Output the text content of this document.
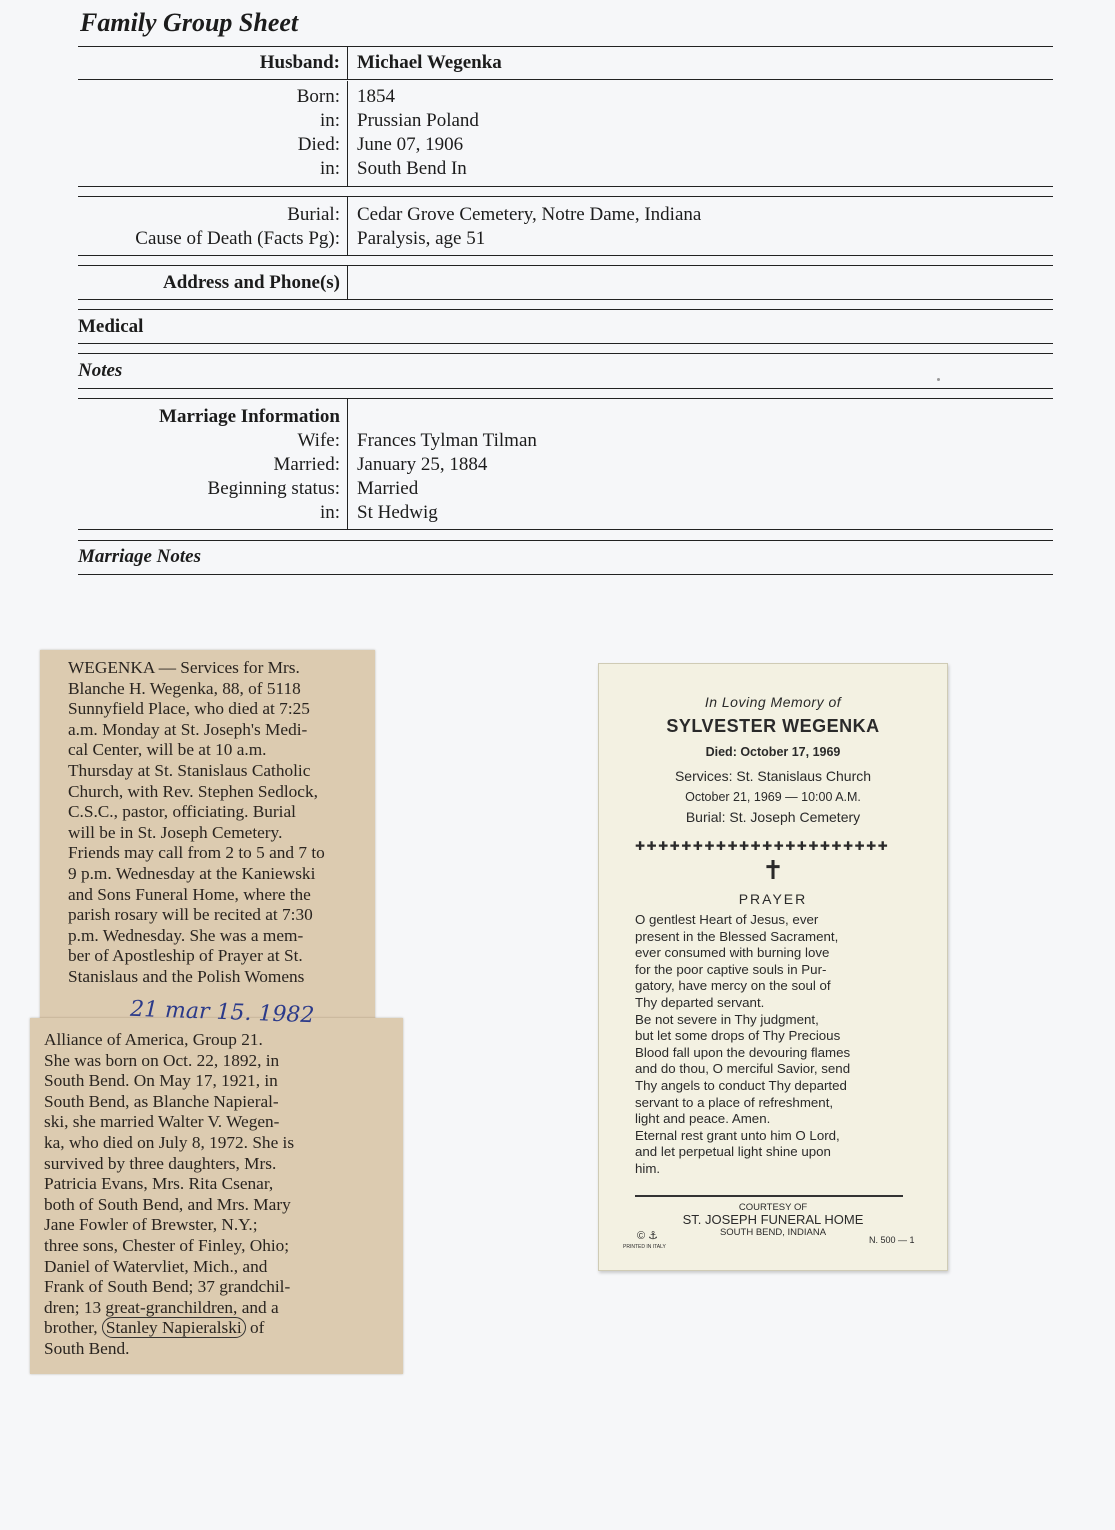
Family Group Sheet
Husband: Michael Wegenka
Born: 1854
in: Prussian Poland
Died: June 07, 1906
in: South Bend In
Burial: Cedar Grove Cemetery, Notre Dame, Indiana
Cause of Death (Facts Pg): Paralysis, age 51
Address and Phone(s)
Medical
Notes
Marriage Information
Wife: Frances Tylman Tilman
Married: January 25, 1884
Beginning status: Married
in: St Hedwig
Marriage Notes
WEGENKA — Services for Mrs.
Blanche H. Wegenka, 88, of 5118
Sunnyfield Place, who died at 7:25
a.m. Monday at St. Joseph's Medi-
cal Center, will be at 10 a.m.
Thursday at St. Stanislaus Catholic
Church, with Rev. Stephen Sedlock,
C.S.C., pastor, officiating. Burial
will be in St. Joseph Cemetery.
Friends may call from 2 to 5 and 7 to
9 p.m. Wednesday at the Kaniewski
and Sons Funeral Home, where the
parish rosary will be recited at 7:30
p.m. Wednesday. She was a mem-
ber of Apostleship of Prayer at St.
Stanislaus and the Polish Womens
Alliance of America, Group 21.
She was born on Oct. 22, 1892, in
South Bend. On May 17, 1921, in
South Bend, as Blanche Napieral-
ski, she married Walter V. Wegen-
ka, who died on July 8, 1972. She is
survived by three daughters, Mrs.
Patricia Evans, Mrs. Rita Csenar,
both of South Bend, and Mrs. Mary
Jane Fowler of Brewster, N.Y.;
three sons, Chester of Finley, Ohio;
Daniel of Watervliet, Mich., and
Frank of South Bend; 37 grandchil-
dren; 13 great-granchildren, and a
brother, Stanley Napieralski of
South Bend.
21 mar 15. 1982
In Loving Memory of
SYLVESTER WEGENKA
Died: October 17, 1969
Services: St. Stanislaus Church
October 21, 1969 — 10:00 A.M.
Burial: St. Joseph Cemetery
✚✚✚✚✚✚✚✚✚✚✚✚✚✚✚✚✚✚✚✚✚✚
✝
PRAYER
O gentlest Heart of Jesus, ever
present in the Blessed Sacrament,
ever consumed with burning love
for the poor captive souls in Pur-
gatory, have mercy on the soul of
Thy departed servant.
Be not severe in Thy judgment,
but let some drops of Thy Precious
Blood fall upon the devouring flames
and do thou, O merciful Savior, send
Thy angels to conduct Thy departed
servant to a place of refreshment,
light and peace. Amen.
Eternal rest grant unto him O Lord,
and let perpetual light shine upon
him.
COURTESY OF
ST. JOSEPH FUNERAL HOME
SOUTH BEND, INDIANA
© ⚓
PRINTED IN ITALY
N. 500 — 1
